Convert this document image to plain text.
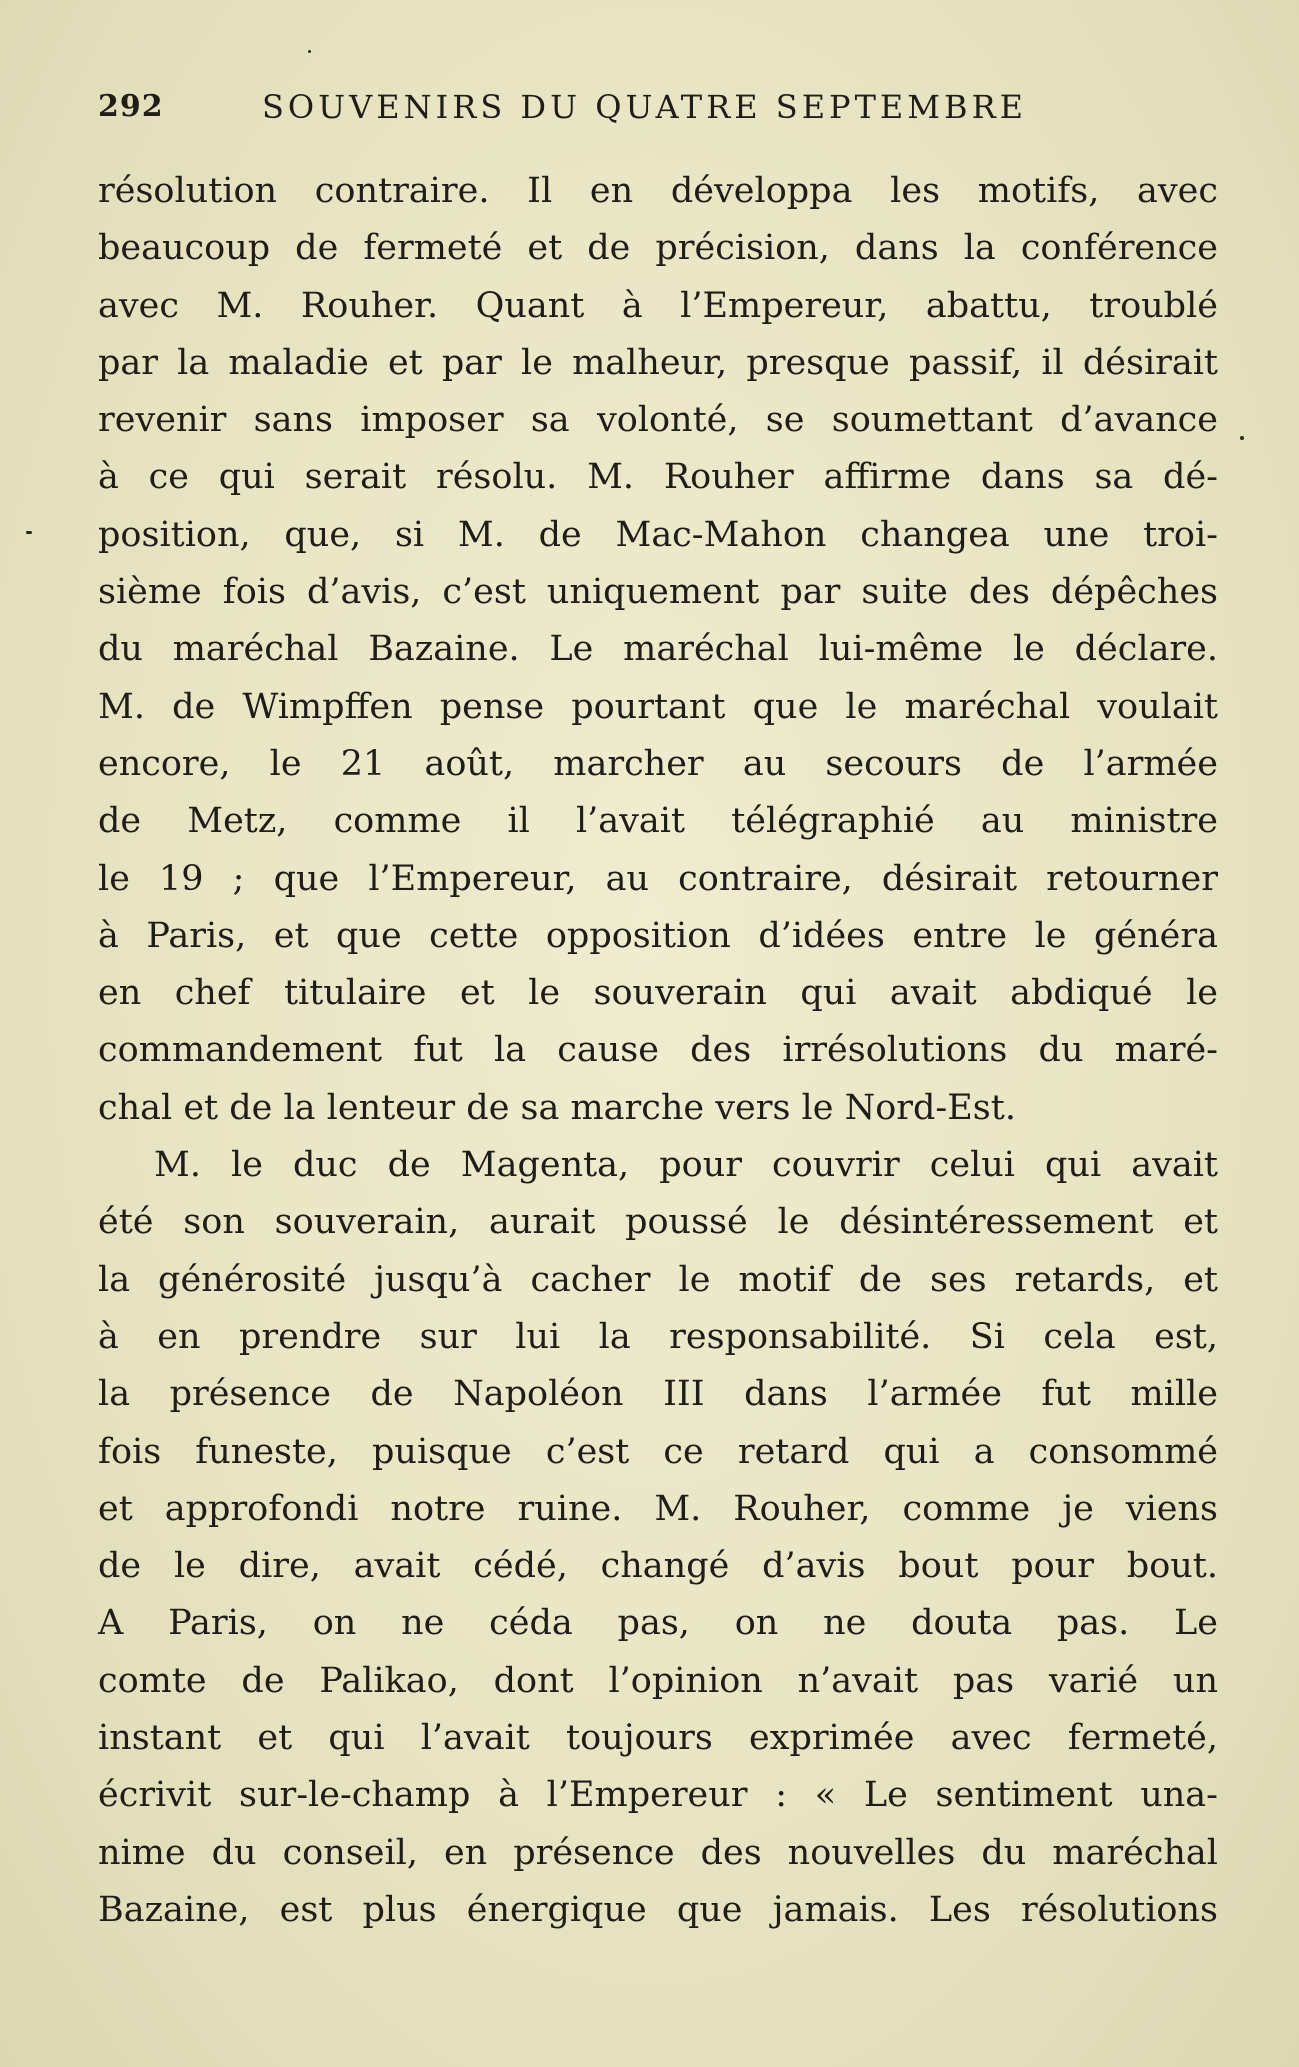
292	SOUVENIRS DU QUATRE SEPTEMBRE
résolution contraire. Il en développa les motifs, avec
beaucoup de fermeté et de précision, dans la conférence
avec M. Rouher. Quant à l’Empereur, abattu, troublé
par la maladie et par le malheur, presque passif, il désirait
revenir sans imposer sa volonté, se soumettant d’avance
à ce qui serait résolu. M. Rouher affirme dans sa dé-
position, que, si M. de Mac-Mahon changea une troi-
sième fois d’avis, c’est uniquement par suite des dépêches
du maréchal Bazaine. Le maréchal lui-même le déclare.
M. de Wimpffen pense pourtant que le maréchal voulait
encore, le 21 août, marcher au secours de l’armée
de Metz, comme il l’avait télégraphié au ministre
le 19 ; que l’Empereur, au contraire, désirait retourner
à Paris, et que cette opposition d’idées entre le généra
en chef titulaire et le souverain qui avait abdiqué le
commandement fut la cause des irrésolutions du maré-
chal et de la lenteur de sa marche vers le Nord-Est.
M. le duc de Magenta, pour couvrir celui qui avait
été son souverain, aurait poussé le désintéressement et
la générosité jusqu’à cacher le motif de ses retards, et
à en prendre sur lui la responsabilité. Si cela est,
la présence de Napoléon III dans l’armée fut mille
fois funeste, puisque c’est ce retard qui a consommé
et approfondi notre ruine. M. Rouher, comme je viens
de le dire, avait cédé, changé d’avis bout pour bout.
A Paris, on ne céda pas, on ne douta pas. Le
comte de Palikao, dont l’opinion n’avait pas varié un
instant et qui l’avait toujours exprimée avec fermeté,
écrivit sur-le-champ à l’Empereur : « Le sentiment una-
nime du conseil, en présence des nouvelles du maréchal
Bazaine, est plus énergique que jamais. Les résolutions
